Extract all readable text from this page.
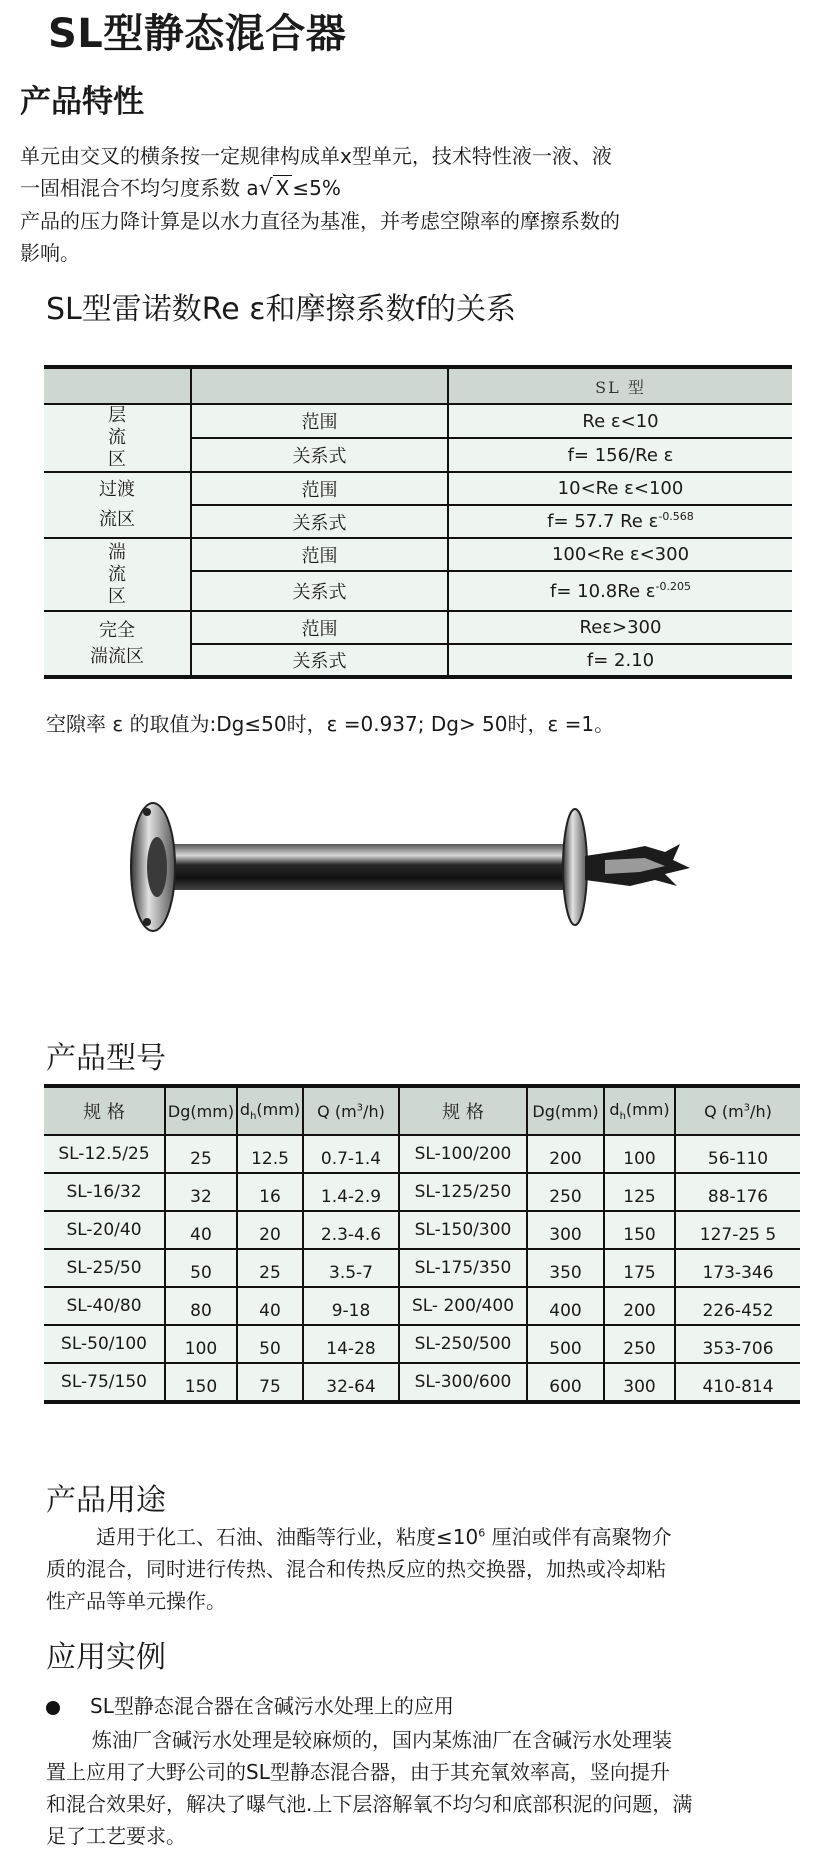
SL型静态混合器
产品特性
单元由交叉的横条按一定规律构成单x型单元，技术特性液一液、液
一固相混合不均匀度系数 a√ X ≤5%
产品的压力降计算是以水力直径为基准，并考虑空隙率的摩擦系数的
影响。
SL型雷诺数Re ε和摩擦系数f的关系
		SL 型

层
流
区	范围	Re ε<10
	关系式	f= 156/Re ε

过渡
流区	范围	10<Re ε<100
	关系式	f= 57.7 Re $\varepsilon^{-0.568}$

湍
流
区	范围	100<Re ε<300
	关系式	f= 10.8Re $\varepsilon^{-0.205}$

完全
湍流区	范围	Reε>300
	关系式	f= 2.10
空隙率 ε 的取值为:Dg≤50时，ε =0.937; Dg> 50时，ε =1。
产品型号
规 格	Dg(mm)	$d_h(mm)$	Q $(m^3/h)$	规 格	Dg(mm)	$d_h(mm)$	Q $(m^3/h)$
SL-12.5/25	25	12.5	0.7-1.4	SL-100/200	200	100	56-110
SL-16/32	32	16	1.4-2.9	SL-125/250	250	125	88-176
SL-20/40	40	20	2.3-4.6	SL-150/300	300	150	127-25 5
SL-25/50	50	25	3.5-7	SL-175/350	350	175	173-346
SL-40/80	80	40	9-18	SL- 200/400	400	200	226-452
SL-50/100	100	50	14-28	SL-250/500	500	250	353-706
SL-75/150	150	75	32-64	SL-300/600	600	300	410-814
产品用途
适用于化工、石油、油酯等行业，粘度$\le 10^6$ 厘泊或伴有高聚物介
质的混合，同时进行传热、混合和传热反应的热交换器，加热或冷却粘
性产品等单元操作。
应用实例
SL型静态混合器在含碱污水处理上的应用
炼油厂含碱污水处理是较麻烦的，国内某炼油厂在含碱污水处理装
置上应用了大野公司的SL型静态混合器，由于其充氧效率高，竖向提升
和混合效果好，解决了曝气池.上下层溶解氧不均匀和底部积泥的问题，满
足了工艺要求。
